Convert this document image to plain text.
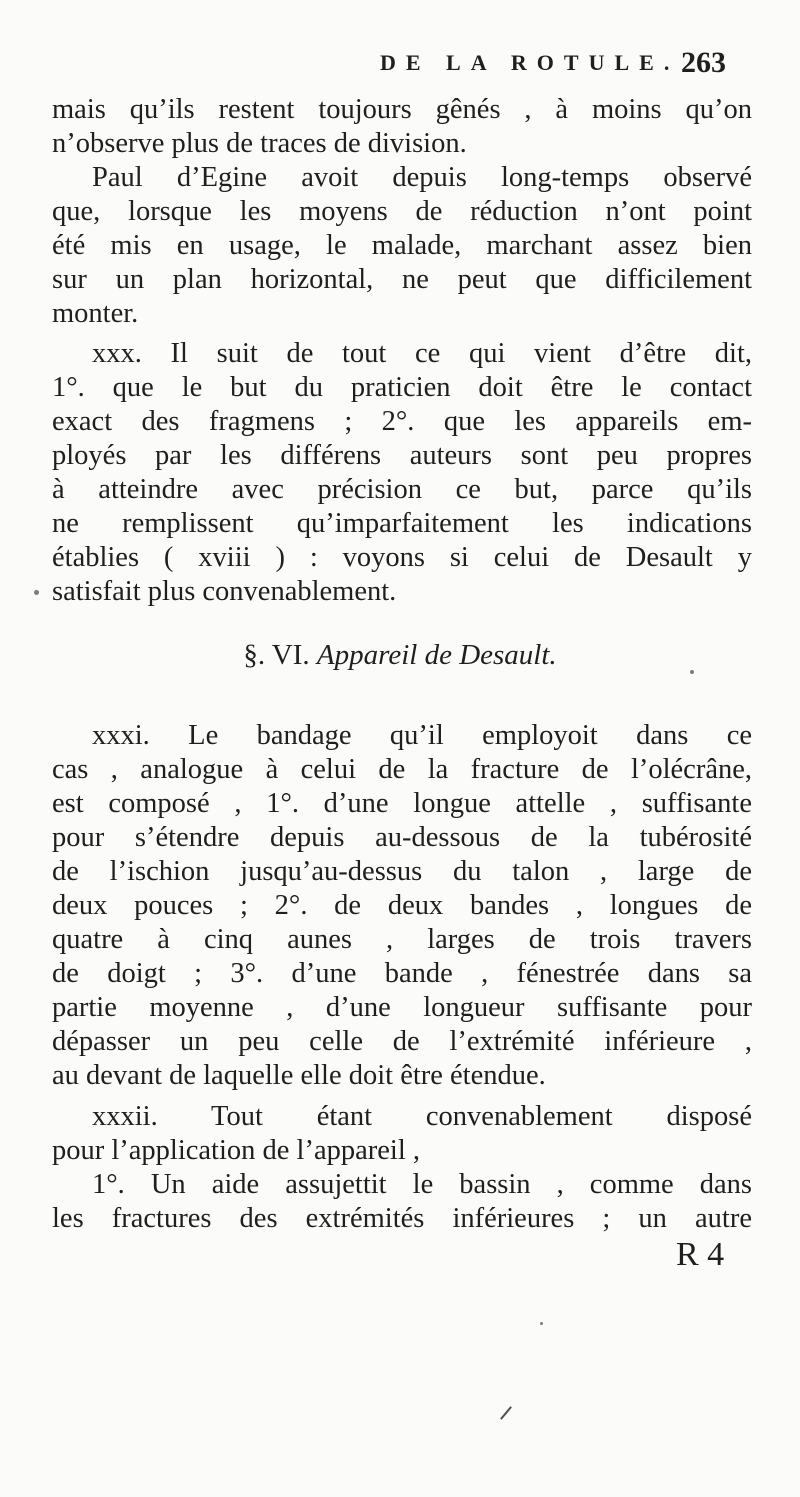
DE LA ROTULE. 263
mais qu’ils restent toujours gênés , à moins qu’on
n’observe plus de traces de division.
Paul d’Egine avoit depuis long-temps observé
que, lorsque les moyens de réduction n’ont point
été mis en usage, le malade, marchant assez bien
sur un plan horizontal, ne peut que difficilement
monter.
xxx. Il suit de tout ce qui vient d’être dit,
1°. que le but du praticien doit être le contact
exact des fragmens ; 2°. que les appareils em-
ployés par les différens auteurs sont peu propres
à atteindre avec précision ce but, parce qu’ils
ne remplissent qu’imparfaitement les indications
établies ( xviii ) : voyons si celui de Desault y
satisfait plus convenablement.
§. VI. Appareil de Desault.
xxxi. Le bandage qu’il employoit dans ce
cas , analogue à celui de la fracture de l’olécrâne,
est composé , 1°. d’une longue attelle , suffisante
pour s’étendre depuis au-dessous de la tubérosité
de l’ischion jusqu’au-dessus du talon , large de
deux pouces ; 2°. de deux bandes , longues de
quatre à cinq aunes , larges de trois travers
de doigt ; 3°. d’une bande , fénestrée dans sa
partie moyenne , d’une longueur suffisante pour
dépasser un peu celle de l’extrémité inférieure ,
au devant de laquelle elle doit être étendue.
xxxii. Tout étant convenablement disposé
pour l’application de l’appareil ,
1°. Un aide assujettit le bassin , comme dans
les fractures des extrémités inférieures ; un autre
R 4
